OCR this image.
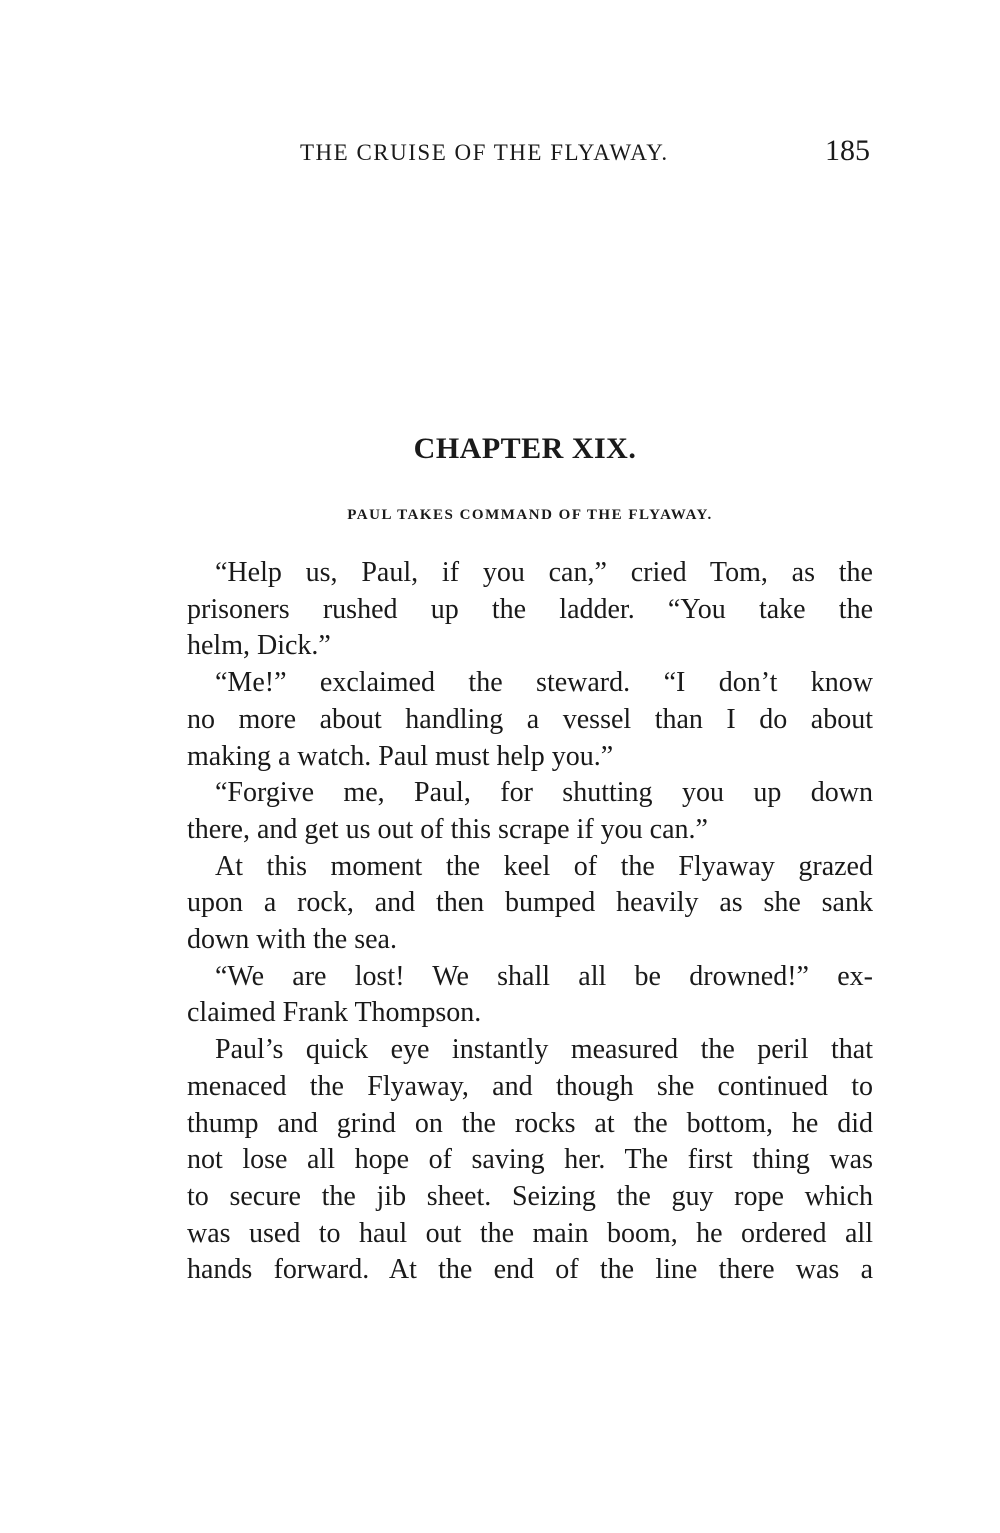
THE CRUISE OF THE FLYAWAY.	185
CHAPTER XIX.
PAUL TAKES COMMAND OF THE FLYAWAY.
“Help us, Paul, if you can,” cried Tom, as the
prisoners rushed up the ladder. “You take the
helm, Dick.”
“Me!” exclaimed the steward. “I don’t know
no more about handling a vessel than I do about
making a watch. Paul must help you.”
“Forgive me, Paul, for shutting you up down
there, and get us out of this scrape if you can.”
At this moment the keel of the Flyaway grazed
upon a rock, and then bumped heavily as she sank
down with the sea.
“We are lost! We shall all be drowned!” ex-
claimed Frank Thompson.
Paul’s quick eye instantly measured the peril that
menaced the Flyaway, and though she continued to
thump and grind on the rocks at the bottom, he did
not lose all hope of saving her. The first thing was
to secure the jib sheet. Seizing the guy rope which
was used to haul out the main boom, he ordered all
hands forward. At the end of the line there was a
